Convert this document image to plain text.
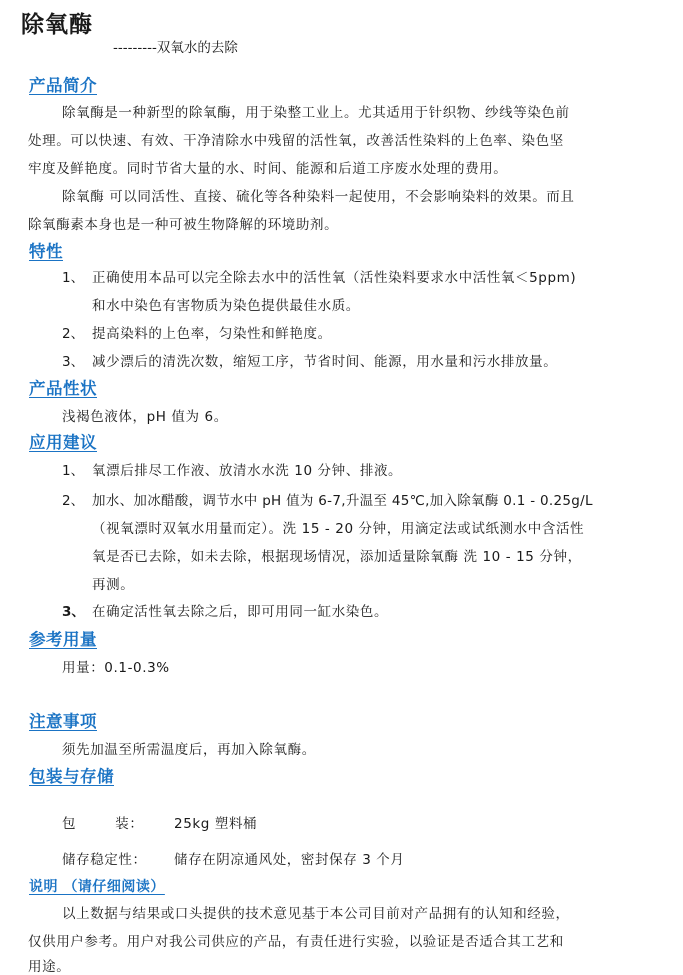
除氧酶
---------双氧水的去除
产品简介
除氧酶是一种新型的除氧酶，用于染整工业上。尤其适用于针织物、纱线等染色前
处理。可以快速、有效、干净清除水中残留的活性氧，改善活性染料的上色率、染色坚
牢度及鲜艳度。同时节省大量的水、时间、能源和后道工序废水处理的费用。
除氧酶 可以同活性、直接、硫化等各种染料一起使用，不会影响染料的效果。而且
除氧酶素本身也是一种可被生物降解的环境助剂。
特性
1、 正确使用本品可以完全除去水中的活性氧（活性染料要求水中活性氧＜5ppm)
和水中染色有害物质为染色提供最佳水质。
2、 提高染料的上色率，匀染性和鲜艳度。
3、 减少漂后的清洗次数，缩短工序，节省时间、能源，用水量和污水排放量。
产品性状
浅褐色液体，pH 值为 6。
应用建议
1、 氧漂后排尽工作液、放清水水洗 10 分钟、排液。
2、 加水、加冰醋酸，调节水中 pH 值为 6-7,升温至 45℃,加入除氧酶 0.1 - 0.25g/L
（视氧漂时双氧水用量而定）。洗 15 - 20 分钟，用滴定法或试纸测水中含活性
氧是否已去除，如未去除，根据现场情况，添加适量除氧酶 洗 10 - 15 分钟，
再测。
3、 在确定活性氧去除之后，即可用同一缸水染色。
参考用量
用量：0.1-0.3%
注意事项
须先加温至所需温度后，再加入除氧酶。
包装与存储
包        装： 25kg 塑料桶
储存稳定性： 储存在阴凉通风处，密封保存 3 个月
说明 （请仔细阅读）
以上数据与结果或口头提供的技术意见基于本公司目前对产品拥有的认知和经验，
仅供用户参考。用户对我公司供应的产品，有责任进行实验，以验证是否适合其工艺和
用途。
